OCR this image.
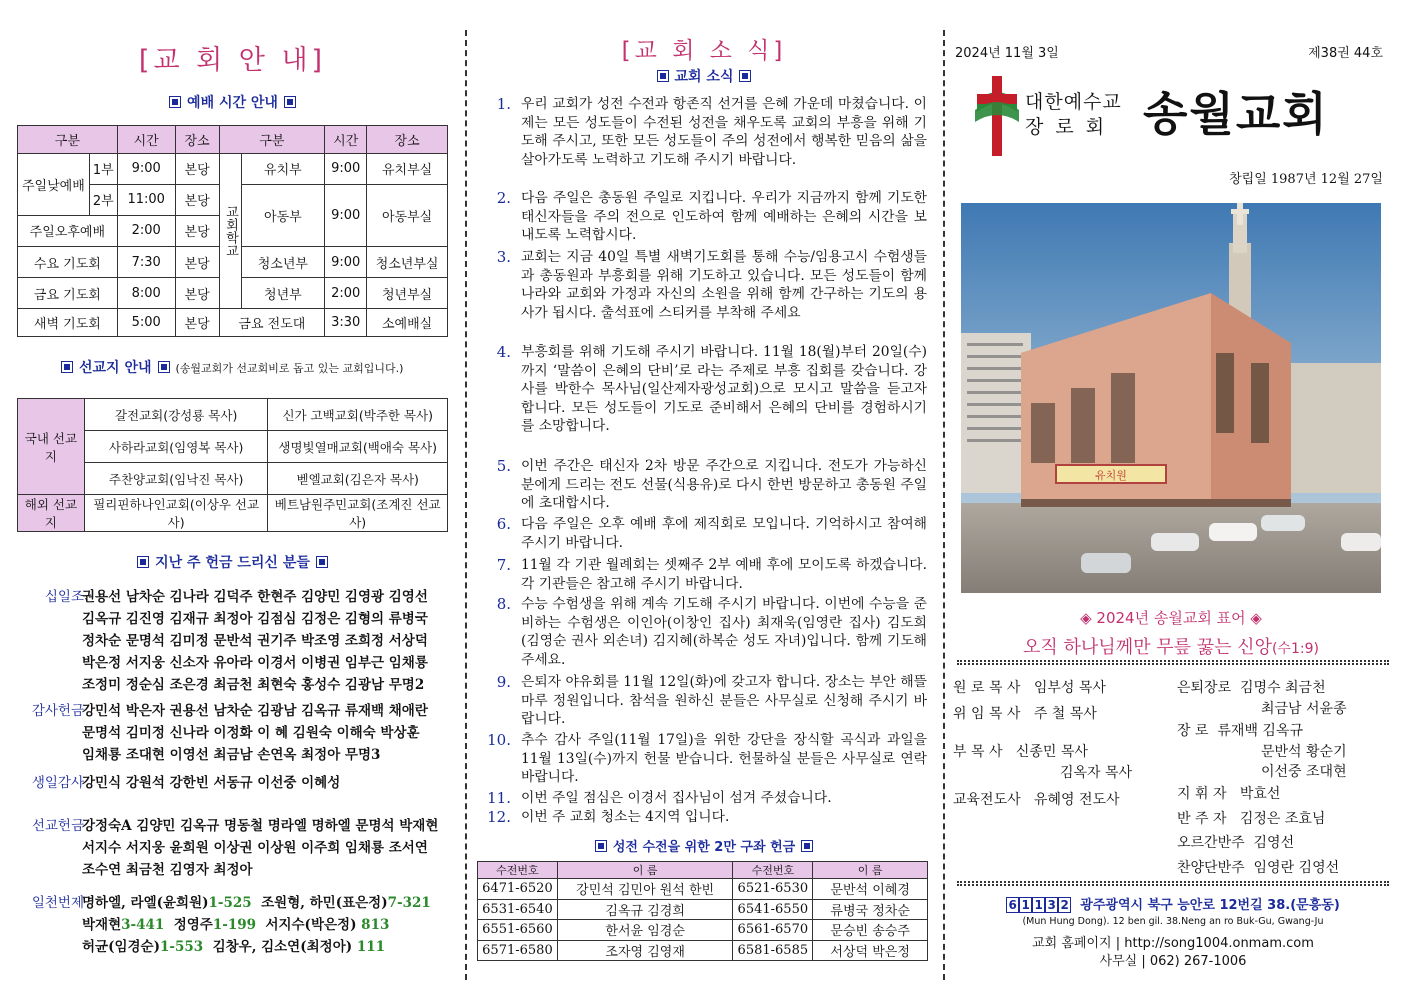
[교 회 안 내]
예배 시간 안내
구분		시간	장소	구분		시간	장소
주일낮예배	1부	9:00	본당	교회학교	유치부	9:00	유치부실
	2부	11:00	본당		아동부	9:00	아동부실
주일오후예배		2:00	본당				
수요 기도회		7:30	본당		청소년부	9:00	청소년부실
금요 기도회		8:00	본당		청년부	2:00	청년부실
새벽 기도회		5:00	본당	금요 전도대		3:30	소예배실
선교지 안내 (송월교회가 선교회비로 돕고 있는 교회입니다.)
국내 선교지	갈전교회(강성룡 목사)	신가 고백교회(박주한 목사)
	사하라교회(임영복 목사)	생명빛열매교회(백애숙 목사)
	주찬양교회(임낙진 목사)	벧엘교회(김은자 목사)
해외 선교지	필리핀하나인교회(이상우 선교사)	베트남원주민교회(조계진 선교사)
지난 주 헌금 드리신 분들
십일조
권용선 남차순 김나라 김덕주 한현주 김양민 김영광 김영선
김옥규 김진영 김재규 최정아 김점심 김정은 김형의 류병국
정차순 문명석 김미정 문반석 권기주 박조영 조희정 서상덕
박은정 서지웅 신소자 유아라 이경서 이병권 임부근 임채룡
조정미 정순심 조은경 최금천 최현숙 홍성수 김광남 무명2
감사헌금
강민석 박은자 권용선 남차순 김광남 김옥규 류재백 채애란
문명석 김미정 신나라 이정화 이 혜 김원숙 이해숙 박상훈
임채룡 조대현 이영선 최금남 손연옥 최정아 무명3
생일감사
강민식 강원석 강한빈 서동규 이선중 이혜성
선교헌금
강정숙A 김양민 김옥규 명동철 명라엘 명하엘 문명석 박재현
서지수 서지웅 윤희원 이상권 이상원 이주희 임채룡 조서연
조수연 최금천 김영자 최정아
일천번제
명하엘, 라엘(윤희원)1-525 조원형, 하민(표은정)7-321
박재현3-441 정영주1-199 서지수(박은정) 813
허균(임경순)1-553 김창우, 김소연(최정아) 111
[교 회 소 식]
교회 소식
1. 우리 교회가 성전 수전과 항존직 선거를 은혜 가운데 마쳤습니다. 이제는 모든 성도들이 수전된 성전을 채우도록 교회의 부흥을 위해 기도해 주시고, 또한 모든 성도들이 주의 성전에서 행복한 믿음의 삶을 살아가도록 노력하고 기도해 주시기 바랍니다.
2. 다음 주일은 총동원 주일로 지킵니다. 우리가 지금까지 함께 기도한 태신자들을 주의 전으로 인도하여 함께 예배하는 은혜의 시간을 보내도록 노력합시다.
3. 교회는 지금 40일 특별 새벽기도회를 통해 수능/임용고시 수험생들과 총동원과 부흥회를 위해 기도하고 있습니다. 모든 성도들이 함께 나라와 교회와 가정과 자신의 소원을 위해 함께 간구하는 기도의 용사가 됩시다. 출석표에 스티커를 부착해 주세요
4. 부흥회를 위해 기도해 주시기 바랍니다. 11월 18(월)부터 20일(수)까지 ‘말씀이 은혜의 단비’로 라는 주제로 부흥 집회를 갖습니다. 강사를 박한수 목사님(일산제자광성교회)으로 모시고 말씀을 듣고자 합니다. 모든 성도들이 기도로 준비해서 은혜의 단비를 경험하시기를 소망합니다.
5. 이번 주간은 태신자 2차 방문 주간으로 지킵니다. 전도가 가능하신 분에게 드리는 전도 선물(식용유)로 다시 한번 방문하고 총동원 주일에 초대합시다.
6. 다음 주일은 오후 예배 후에 제직회로 모입니다. 기억하시고 참여해 주시기 바랍니다.
7. 11월 각 기관 월례회는 셋째주 2부 예배 후에 모이도록 하겠습니다. 각 기관들은 참고해 주시기 바랍니다.
8. 수능 수험생을 위해 계속 기도해 주시기 바랍니다. 이번에 수능을 준비하는 수험생은 이인아(이창인 집사) 최재욱(임영란 집사) 김도희(김영순 권사 외손녀) 김지혜(하복순 성도 자녀)입니다. 함께 기도해 주세요.
9. 은퇴자 야유회를 11월 12일(화)에 갖고자 합니다. 장소는 부안 해뜰마루 정원입니다. 참석을 원하신 분들은 사무실로 신청해 주시기 바랍니다.
10. 추수 감사 주일(11월 17일)을 위한 강단을 장식할 곡식과 과일을 11월 13일(수)까지 헌물 받습니다. 헌물하실 분들은 사무실로 연락바랍니다.
11. 이번 주일 점심은 이경서 집사님이 섬겨 주셨습니다.
12. 이번 주 교회 청소는 4지역 입니다.
성전 수전을 위한 2만 구좌 헌금
수전번호	이 름	수전번호	이 름
6471-6520	강민석 김민아 원석 한빈	6521-6530	문반석 이혜경
6531-6540	김옥규 김경희	6541-6550	류병국 정차순
6551-6560	한서윤 임경순	6561-6570	문승빈 송승주
6571-6580	조자영 김영재	6581-6585	서상덕 박은정
2024년 11월 3일	제38권 44호
대한예수교
장 로 회 송월교회
창립일 1987년 12월 27일
유치원
◈ 2024년 송월교회 표어 ◈
오직 하나님께만 무릎 꿇는 신앙(수1:9)
원 로 목 사 임부성 목사
위 임 목 사 주 철 목사
부 목 사 신종민 목사
김옥자 목사
교육전도사 유혜영 전도사
은퇴장로 김명수 최금천
최금남 서윤종
장 로 류재백 김옥규
문반석 황순기
이선중 조대현
지 휘 자 박효선
반 주 자 김정은 조효님
오르간반주 김영선
찬양단반주 임영란 김영선
6 1 1 3 2 광주광역시 북구 능안로 12번길 38.(문흥동)
(Mun Hung Dong). 12 ben gil. 38.Neng an ro Buk-Gu, Gwang-Ju
교회 홈페이지 | http://song1004.onmam.com
사무실 | 062) 267-1006
